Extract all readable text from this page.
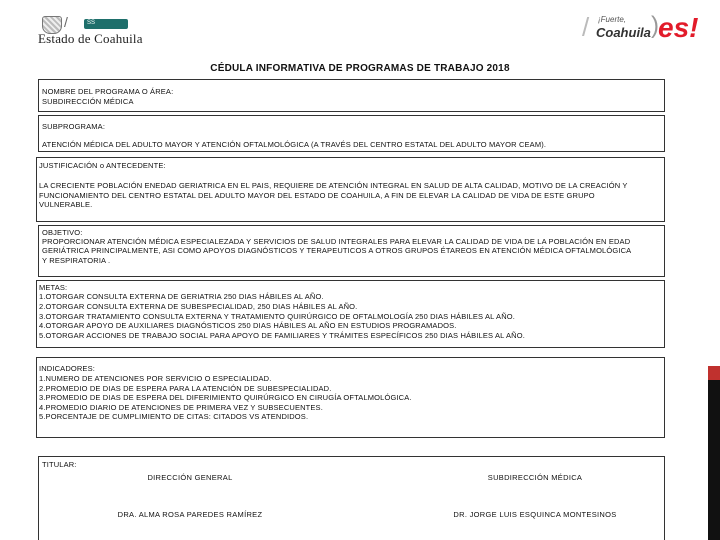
/	SS
Estado de Coahuila	/ ¡Fuerte,
Coahuila ) es!
CÉDULA INFORMATIVA DE PROGRAMAS DE TRABAJO 2018
NOMBRE DEL PROGRAMA O ÁREA:
SUBDIRECCIÓN MÉDICA
SUBPROGRAMA:
ATENCIÓN MÉDICA DEL ADULTO MAYOR Y ATENCIÓN OFTALMOLÓGICA (A TRAVÉS DEL CENTRO ESTATAL DEL ADULTO MAYOR CEAM).
JUSTIFICACIÓN o ANTECEDENTE:
LA CRECIENTE POBLACIÓN ENEDAD GERIATRICA EN EL PAIS, REQUIERE DE ATENCIÓN INTEGRAL EN SALUD DE ALTA CALIDAD, MOTIVO DE LA CREACIÓN Y
FUNCIONAMIENTO DEL CENTRO ESTATAL DEL ADULTO MAYOR DEL ESTADO DE COAHUILA, A FIN DE ELEVAR LA CALIDAD DE VIDA DE ESTE GRUPO
VULNERABLE.
OBJETIVO:
PROPORCIONAR ATENCIÓN MÉDICA ESPECIALEZADA Y SERVICIOS DE SALUD INTEGRALES PARA ELEVAR LA CALIDAD DE VIDA DE LA POBLACIÓN EN EDAD
GERIÁTRICA PRINCIPALMENTE, ASI COMO APOYOS DIAGNÓSTICOS Y TERAPEUTICOS A OTROS GRUPOS ÉTAREOS EN ATENCIÓN MÉDICA OFTALMOLÓGICA
Y RESPIRATORIA .
METAS:
1.OTORGAR CONSULTA EXTERNA DE GERIATRIA 250 DIAS HÁBILES AL AÑO.
2.OTORGAR CONSULTA EXTERNA DE SUBESPECIALIDAD, 250 DIAS HÁBILES AL AÑO.
3.OTORGAR TRATAMIENTO CONSULTA EXTERNA Y TRATAMIENTO QUIRÚRGICO DE OFTALMOLOGÍA 250 DIAS HÁBILES AL AÑO.
4.OTORGAR APOYO DE AUXILIARES DIAGNÓSTICOS 250 DIAS HÁBILES AL AÑO EN ESTUDIOS PROGRAMADOS.
5.OTORGAR ACCIONES DE TRABAJO SOCIAL PARA APOYO DE FAMILIARES Y TRÁMITES ESPECÍFICOS 250 DIAS HÁBILES AL AÑO.
INDICADORES:
1.NUMERO DE ATENCIONES POR SERVICIO O ESPECIALIDAD.
2.PROMEDIO DE DIAS DE ESPERA PARA LA ATENCIÓN DE SUBESPECIALIDAD.
3.PROMEDIO DE DIAS DE ESPERA DEL DIFERIMIENTO QUIRÚRGICO EN CIRUGÍA OFTALMOLÓGICA.
4.PROMEDIO DIARIO DE ATENCIONES DE PRIMERA VEZ Y SUBSECUENTES.
5.PORCENTAJE DE CUMPLIMIENTO DE CITAS: CITADOS VS ATENDIDOS.
TITULAR:
DIRECCIÓN GENERAL	SUBDIRECCIÓN MÉDICA
DRA. ALMA ROSA PAREDES RAMÍREZ	DR. JORGE LUIS ESQUINCA MONTESINOS
